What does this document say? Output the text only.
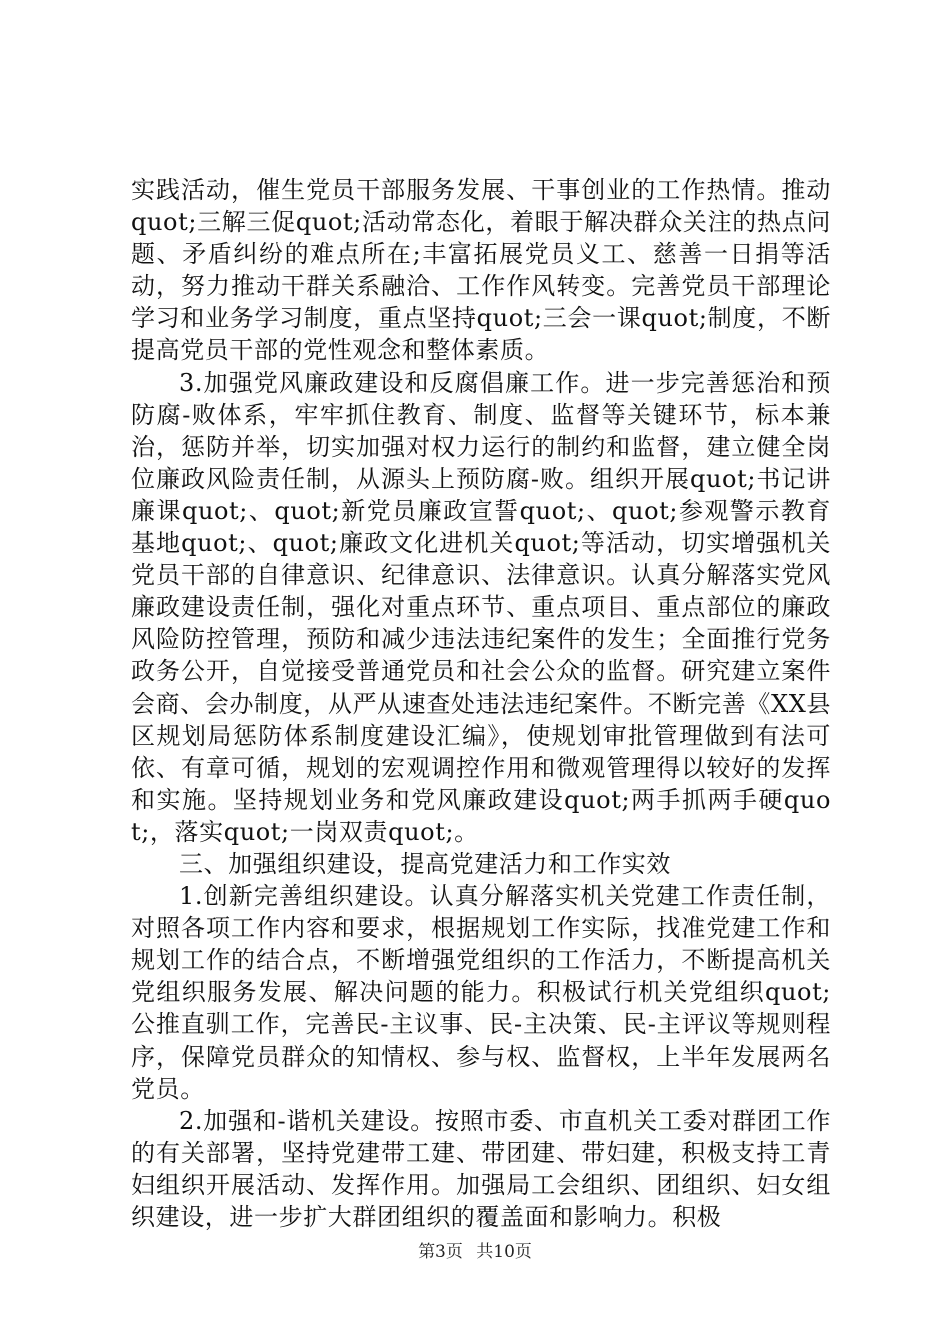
实践活动，催生党员干部服务发展、干事创业的工作热情。推动quot;三解三促quot;活动常态化，着眼于解决群众关注的热点问题、矛盾纠纷的难点所在;丰富拓展党员义工、慈善一日捐等活动，努力推动干群关系融洽、工作作风转变。完善党员干部理论学习和业务学习制度，重点坚持quot;三会一课quot;制度，不断提高党员干部的党性观念和整体素质。

3.加强党风廉政建设和反腐倡廉工作。进一步完善惩治和预防腐-败体系，牢牢抓住教育、制度、监督等关键环节，标本兼治，惩防并举，切实加强对权力运行的制约和监督，建立健全岗位廉政风险责任制，从源头上预防腐-败。组织开展quot;书记讲廉课quot;、quot;新党员廉政宣誓quot;、quot;参观警示教育基地quot;、quot;廉政文化进机关quot;等活动，切实增强机关党员干部的自律意识、纪律意识、法律意识。认真分解落实党风廉政建设责任制，强化对重点环节、重点项目、重点部位的廉政风险防控管理，预防和减少违法违纪案件的发生；全面推行党务政务公开，自觉接受普通党员和社会公众的监督。研究建立案件会商、会办制度，从严从速查处违法违纪案件。不断完善《XX县区规划局惩防体系制度建设汇编》，使规划审批管理做到有法可依、有章可循，规划的宏观调控作用和微观管理得以较好的发挥和实施。坚持规划业务和党风廉政建设quot;两手抓两手硬quot;，落实quot;一岗双责quot;。

三、加强组织建设，提高党建活力和工作实效

1.创新完善组织建设。认真分解落实机关党建工作责任制，对照各项工作内容和要求，根据规划工作实际，找准党建工作和规划工作的结合点，不断增强党组织的工作活力，不断提高机关党组织服务发展、解决问题的能力。积极试行机关党组织quot;公推直驯工作，完善民-主议事、民-主决策、民-主评议等规则程序，保障党员群众的知情权、参与权、监督权，上半年发展两名党员。

2.加强和-谐机关建设。按照市委、市直机关工委对群团工作的有关部署，坚持党建带工建、带团建、带妇建，积极支持工青妇组织开展活动、发挥作用。加强局工会组织、团组织、妇女组织建设，进一步扩大群团组织的覆盖面和影响力。积极

第3页 共10页
